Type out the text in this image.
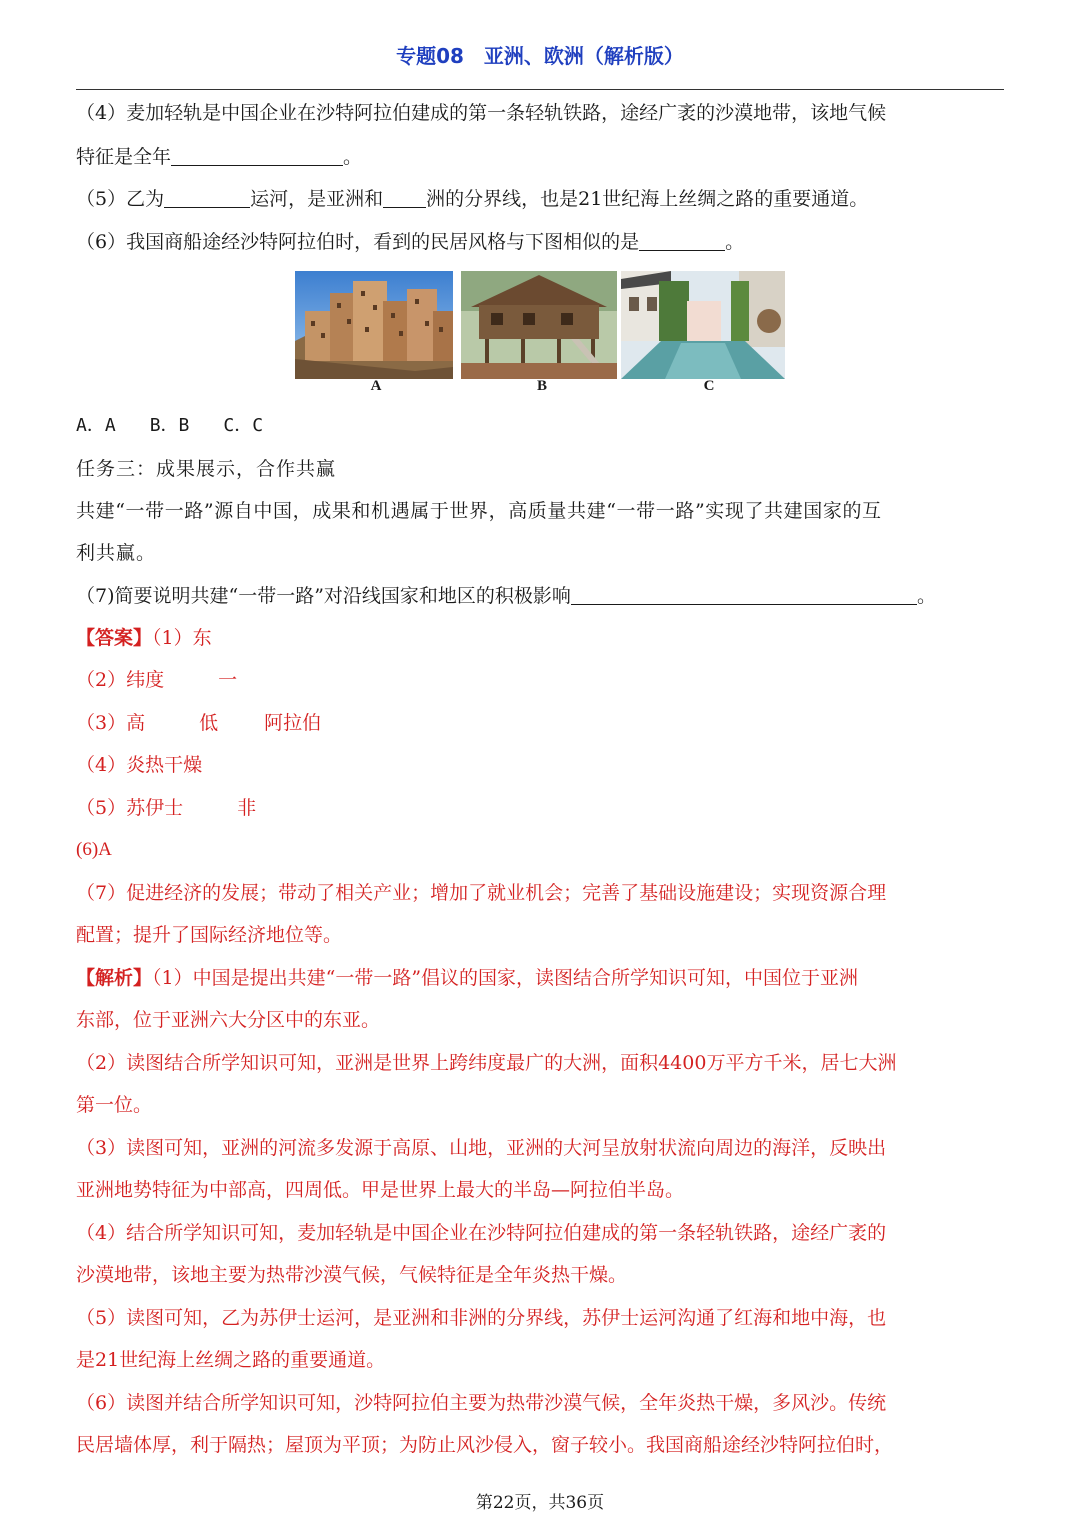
专题08　亚洲、欧洲（解析版）
（4）麦加轻轨是中国企业在沙特阿拉伯建成的第一条轻轨铁路，途经广袤的沙漠地带，该地气候
特征是全年	。
（5）乙为	运河，是亚洲和 洲的分界线，也是21世纪海上丝绸之路的重要通道。
（6）我国商船途经沙特阿拉伯时，看到的民居风格与下图相似的是	。
A	B	C
A．A B．B C．C
任务三：成果展示，合作共赢
共建“一带一路”源自中国，成果和机遇属于世界，高质量共建“一带一路”实现了共建国家的互
利共赢。
（7)简要说明共建“一带一路”对沿线国家和地区的积极影响	。
【答案】（1）东
（2）纬度	一
（3）高	低 阿拉伯
（4）炎热干燥
（5）苏伊士	非
(6)A
（7）促进经济的发展；带动了相关产业；增加了就业机会；完善了基础设施建设；实现资源合理
配置；提升了国际经济地位等。
【解析】（1）中国是提出共建“一带一路”倡议的国家，读图结合所学知识可知，中国位于亚洲
东部，位于亚洲六大分区中的东亚。
（2）读图结合所学知识可知，亚洲是世界上跨纬度最广的大洲，面积4400万平方千米，居七大洲
第一位。
（3）读图可知，亚洲的河流多发源于高原、山地，亚洲的大河呈放射状流向周边的海洋，反映出
亚洲地势特征为中部高，四周低。甲是世界上最大的半岛—阿拉伯半岛。
（4）结合所学知识可知，麦加轻轨是中国企业在沙特阿拉伯建成的第一条轻轨铁路，途经广袤的
沙漠地带，该地主要为热带沙漠气候，气候特征是全年炎热干燥。
（5）读图可知，乙为苏伊士运河，是亚洲和非洲的分界线，苏伊士运河沟通了红海和地中海，也
是21世纪海上丝绸之路的重要通道。
（6）读图并结合所学知识可知，沙特阿拉伯主要为热带沙漠气候，全年炎热干燥，多风沙。传统
民居墙体厚，利于隔热；屋顶为平顶；为防止风沙侵入，窗子较小。我国商船途经沙特阿拉伯时，
第22页，共36页
